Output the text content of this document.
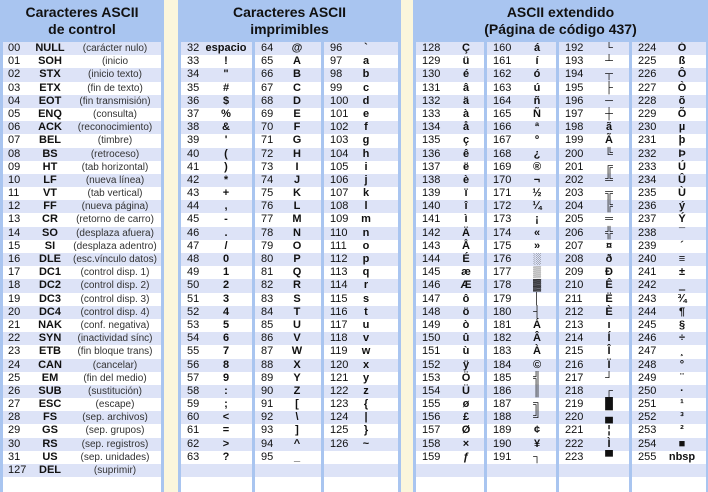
Caracteres ASCII
de control
00	NULL	(carácter nulo)
01	SOH	(inicio
02	STX	(inicio texto)
03	ETX	(fin de texto)
04	EOT	(fin transmisión)
05	ENQ	(consulta)
06	ACK	(reconocimiento)
07	BEL	(timbre)
08	BS	(retroceso)
09	HT	(tab horizontal)
10	LF	(nueva línea)
11	VT	(tab vertical)
12	FF	(nueva página)
13	CR	(retorno de carro)
14	SO	(desplaza afuera)
15	SI	(desplaza adentro)
16	DLE	(esc.vínculo datos)
17	DC1	(control disp. 1)
18	DC2	(control disp. 2)
19	DC3	(control disp. 3)
20	DC4	(control disp. 4)
21	NAK	(conf. negativa)
22	SYN	(inactividad sínc)
23	ETB	(fin bloque trans)
24	CAN	(cancelar)
25	EM	(fin del medio)
26	SUB	(sustitución)
27	ESC	(escape)
28	FS	(sep. archivos)
29	GS	(sep. grupos)
30	RS	(sep. registros)
31	US	(sep. unidades)
127	DEL	(suprimir)
Caracteres ASCII
imprimibles
32 espacio
33	!
34	"
35	#
36	$
37	%
38	&
39	'
40	(
41	)
42	*
43	+
44	,
45	-
46	.
47	/
48	0
49	1
50	2
51	3
52	4
53	5
54	6
55	7
56	8
57	9
58	:
59	;
60	<
61	=
62	>
63	?
64	@
65	A
66	B
67	C
68	D
69	E
70	F
71	G
72	H
73	I
74	J
75	K
76	L
77	M
78	N
79	O
80	P
81	Q
82	R
83	S
84	T
85	U
86	V
87	W
88	X
89	Y
90	Z
91	[
92	\
93	]
94	^
95	_
96	`
97	a
98	b
99	c
100	d
101	e
102	f
103	g
104	h
105	i
106	j
107	k
108	l
109	m
110	n
111	o
112	p
113	q
114	r
115	s
116	t
117	u
118	v
119	w
120	x
121	y
122	z
123	{
124	|
125	}
126	~
ASCII extendido
(Página de código 437)
128	Ç
129	ü
130	é
131	â
132	ä
133	à
134	å
135	ç
136	ê
137	ë
138	è
139	ï
140	î
141	ì
142	Ä
143	Å
144	É
145	æ
146	Æ
147	ô
148	ö
149	ò
150	û
151	ù
152	ÿ
153	Ö
154	Ü
155	ø
156	£
157	Ø
158	×
159	ƒ
160	á
161	í
162	ó
163	ú
164	ñ
165	Ñ
166	ª
167	º
168	¿
169	®
170	¬
171	½
172	¼
173	¡
174	«
175	»
176	░
177	▒
178	▓
179	│
180	┤
181	Á
182	Â
183	À
184	©
185	╣
186	║
187	╗
188	╝
189	¢
190	¥
191	┐
192	└
193	┴
194	┬
195	├
196	─
197	┼
198	ã
199	Ã
200	╚
201	╔
202	╩
203	╦
204	╠
205	═
206	╬
207	¤
208	ð
209	Ð
210	Ê
211	Ë
212	È
213	ı
214	Í
215	Î
216	Ï
217	┘
218	┌
219	█
220	▄
221	¦
222	Ì
223	▀
224	Ó
225	ß
226	Ô
227	Ò
228	õ
229	Õ
230	µ
231	þ
232	Þ
233	Ú
234	Û
235	Ù
236	ý
237	Ý
238	¯
239	´
240	≡
241	±
242	‗
243	¾
244	¶
245	§
246	÷
247	¸
248	°
249	¨
250	·
251	¹
252	³
253	²
254	■
255	nbsp
